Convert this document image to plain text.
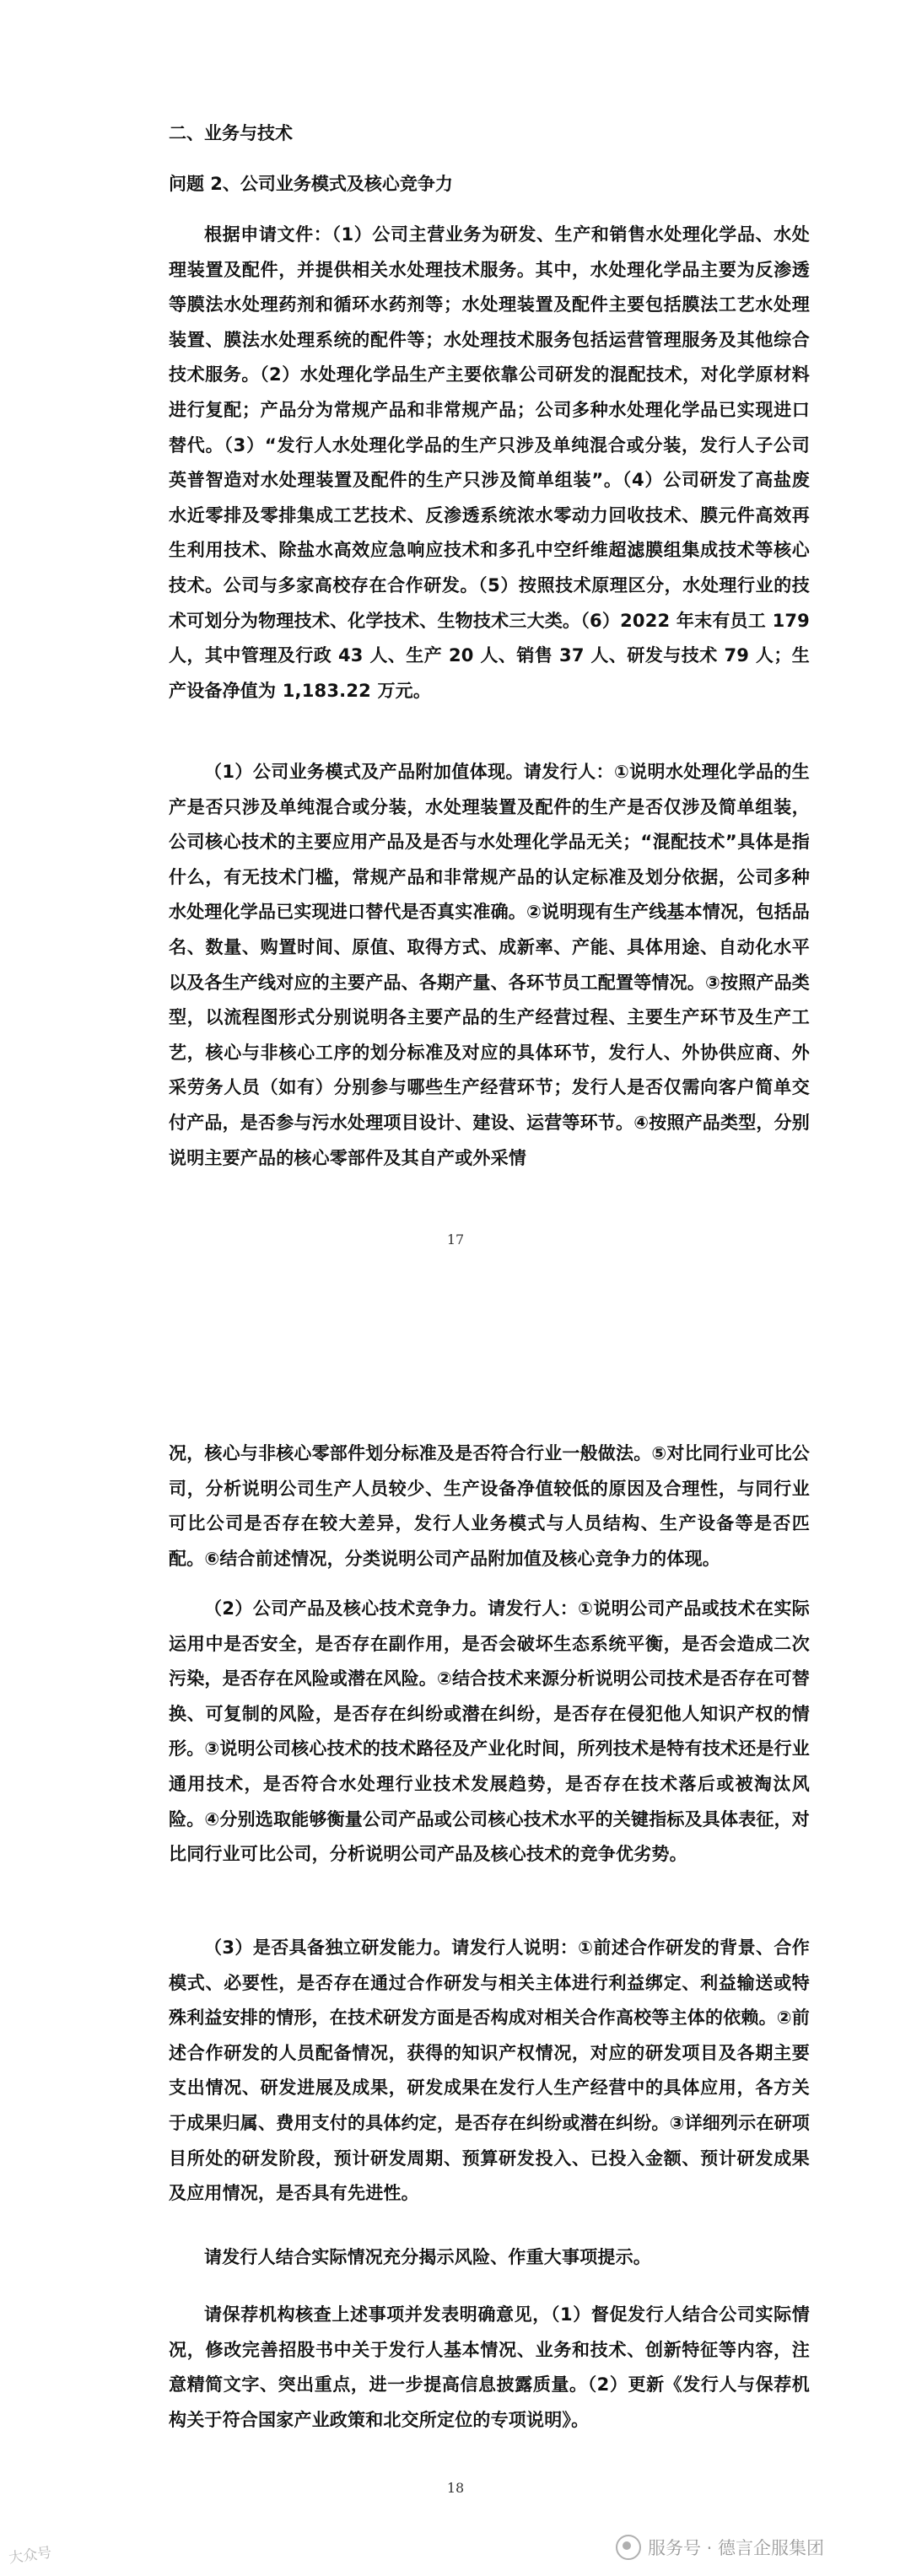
二、业务与技术
问题 2、公司业务模式及核心竞争力

根据申请文件：（1）公司主营业务为研发、生产和销售水处理化学品、水处理装置及配件，并提供相关水处理技术服务。其中，水处理化学品主要为反渗透等膜法水处理药剂和循环水药剂等；水处理装置及配件主要包括膜法工艺水处理装置、膜法水处理系统的配件等；水处理技术服务包括运营管理服务及其他综合技术服务。（2）水处理化学品生产主要依靠公司研发的混配技术，对化学原材料进行复配；产品分为常规产品和非常规产品；公司多种水处理化学品已实现进口替代。（3）“发行人水处理化学品的生产只涉及单纯混合或分装，发行人子公司英普智造对水处理装置及配件的生产只涉及简单组装”。（4）公司研发了高盐废水近零排及零排集成工艺技术、反渗透系统浓水零动力回收技术、膜元件高效再生利用技术、除盐水高效应急响应技术和多孔中空纤维超滤膜组集成技术等核心技术。公司与多家高校存在合作研发。（5）按照技术原理区分，水处理行业的技术可划分为物理技术、化学技术、生物技术三大类。（6）2022 年末有员工 179 人，其中管理及行政 43 人、生产 20 人、销售 37 人、研发与技术 79 人；生产设备净值为 1,183.22 万元。

（1）公司业务模式及产品附加值体现。请发行人：①说明水处理化学品的生产是否只涉及单纯混合或分装，水处理装置及配件的生产是否仅涉及简单组装，公司核心技术的主要应用产品及是否与水处理化学品无关；“混配技术”具体是指什么，有无技术门槛，常规产品和非常规产品的认定标准及划分依据，公司多种水处理化学品已实现进口替代是否真实准确。②说明现有生产线基本情况，包括品名、数量、购置时间、原值、取得方式、成新率、产能、具体用途、自动化水平以及各生产线对应的主要产品、各期产量、各环节员工配置等情况。③按照产品类型，以流程图形式分别说明各主要产品的生产经营过程、主要生产环节及生产工艺，核心与非核心工序的划分标准及对应的具体环节，发行人、外协供应商、外采劳务人员（如有）分别参与哪些生产经营环节；发行人是否仅需向客户简单交付产品，是否参与污水处理项目设计、建设、运营等环节。④按照产品类型，分别说明主要产品的核心零部件及其自产或外采情

17

况，核心与非核心零部件划分标准及是否符合行业一般做法。⑤对比同行业可比公司，分析说明公司生产人员较少、生产设备净值较低的原因及合理性，与同行业可比公司是否存在较大差异，发行人业务模式与人员结构、生产设备等是否匹配。⑥结合前述情况，分类说明公司产品附加值及核心竞争力的体现。

（2）公司产品及核心技术竞争力。请发行人：①说明公司产品或技术在实际运用中是否安全，是否存在副作用，是否会破坏生态系统平衡，是否会造成二次污染，是否存在风险或潜在风险。②结合技术来源分析说明公司技术是否存在可替换、可复制的风险，是否存在纠纷或潜在纠纷，是否存在侵犯他人知识产权的情形。③说明公司核心技术的技术路径及产业化时间，所列技术是特有技术还是行业通用技术，是否符合水处理行业技术发展趋势，是否存在技术落后或被淘汰风险。④分别选取能够衡量公司产品或公司核心技术水平的关键指标及具体表征，对比同行业可比公司，分析说明公司产品及核心技术的竞争优劣势。

（3）是否具备独立研发能力。请发行人说明：①前述合作研发的背景、合作模式、必要性，是否存在通过合作研发与相关主体进行利益绑定、利益输送或特殊利益安排的情形，在技术研发方面是否构成对相关合作高校等主体的依赖。②前述合作研发的人员配备情况，获得的知识产权情况，对应的研发项目及各期主要支出情况、研发进展及成果，研发成果在发行人生产经营中的具体应用，各方关于成果归属、费用支付的具体约定，是否存在纠纷或潜在纠纷。③详细列示在研项目所处的研发阶段，预计研发周期、预算研发投入、已投入金额、预计研发成果及应用情况，是否具有先进性。

请发行人结合实际情况充分揭示风险、作重大事项提示。

请保荐机构核查上述事项并发表明确意见，（1）督促发行人结合公司实际情况，修改完善招股书中关于发行人基本情况、业务和技术、创新特征等内容，注意精简文字、突出重点，进一步提高信息披露质量。（2）更新《发行人与保荐机构关于符合国家产业政策和北交所定位的专项说明》。

18
服务号 · 德言企服集团
大众号
